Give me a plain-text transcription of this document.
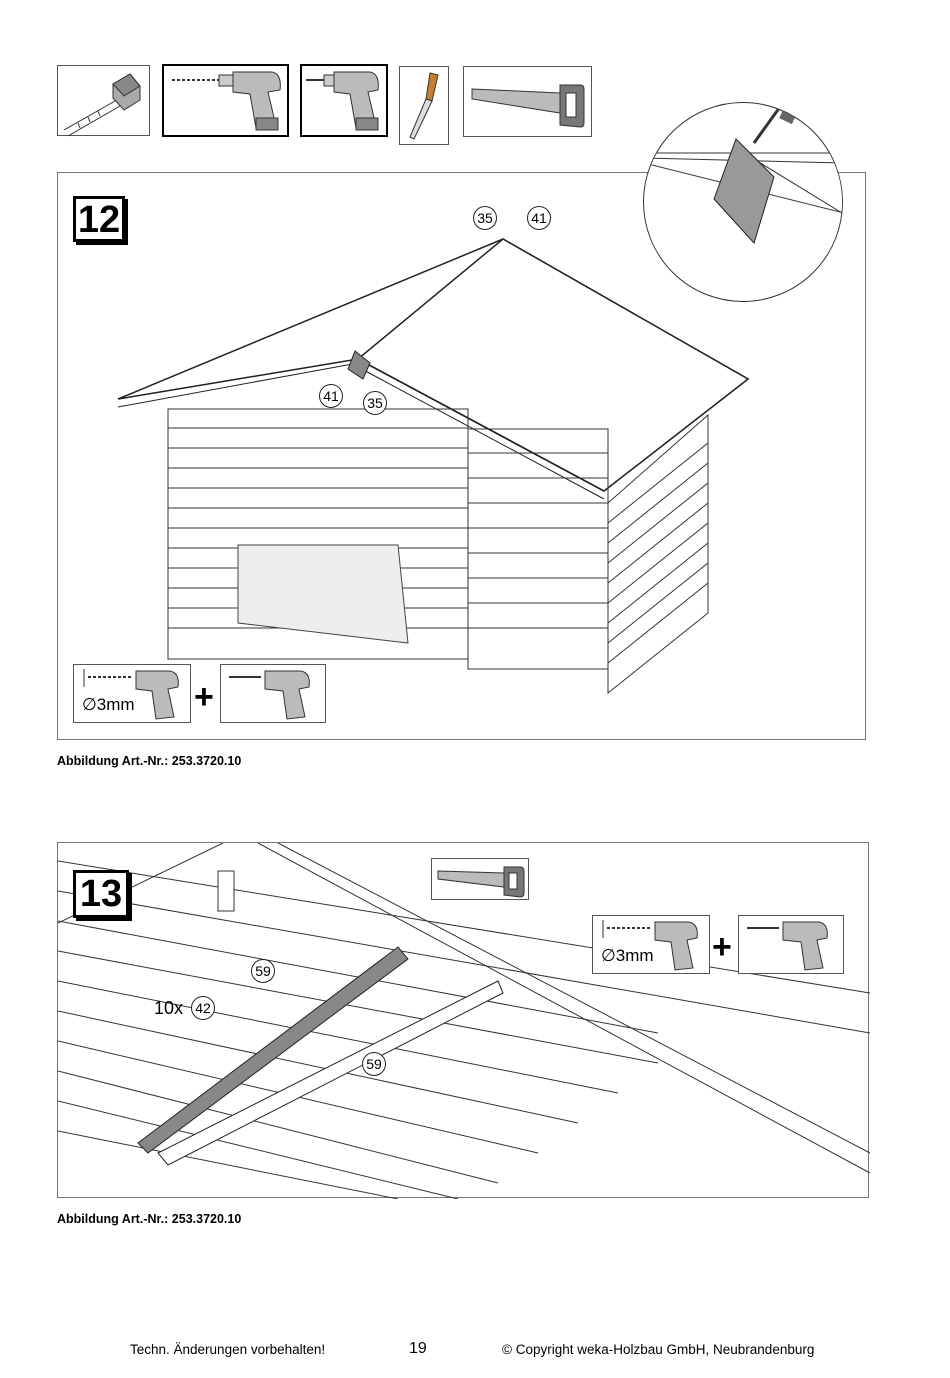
12	35	41
41	35
∅3mm +
Abbildung Art.-Nr.: 253.3720.10
13
59
10x 42
59
∅3mm +
Abbildung Art.-Nr.: 253.3720.10
Techn. Änderungen vorbehalten!	19	© Copyright weka-Holzbau GmbH, Neubrandenburg
